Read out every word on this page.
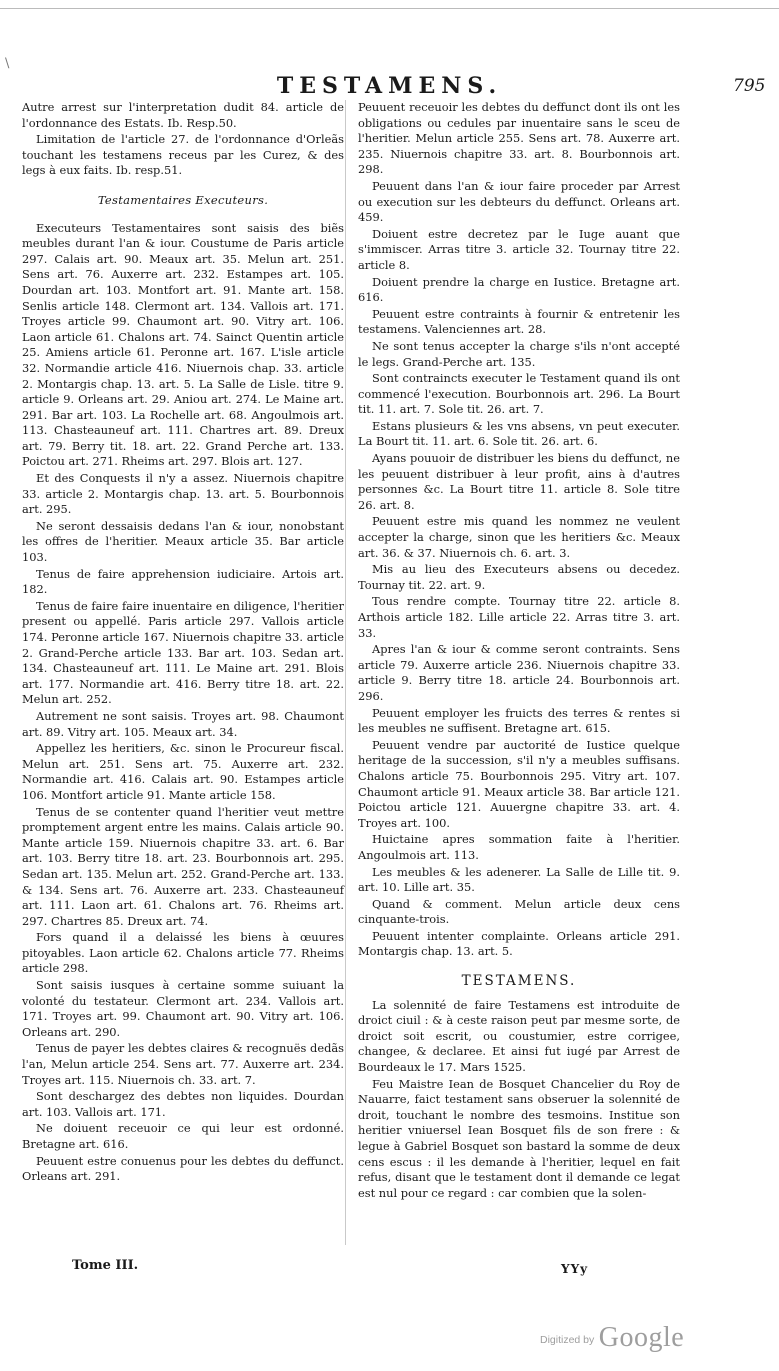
\
TESTAMENS.	795

Autre arrest sur l'interpretation dudit 84. article de l'ordonnance des Estats. Ib. Resp.50.

Limitation de l'article 27. de l'ordonnance d'Orleãs touchant les testamens receus par les Curez, & des legs à eux faits. Ib. resp.51.

Testamentaires Executeurs.

Executeurs Testamentaires sont saisis des biẽs meubles durant l'an & iour. Coustume de Paris article 297. Calais art. 90. Meaux art. 35. Melun art. 251. Sens art. 76. Auxerre art. 232. Estampes art. 105. Dourdan art. 103. Montfort art. 91. Mante art. 158. Senlis article 148. Clermont art. 134. Vallois art. 171. Troyes article 99. Chaumont art. 90. Vitry art. 106. Laon article 61. Chalons art. 74. Sainct Quentin article 25. Amiens article 61. Peronne art. 167. L'isle article 32. Normandie article 416. Niuernois chap. 33. article 2. Montargis chap. 13. art. 5. La Salle de Lisle. titre 9. article 9. Orleans art. 29. Aniou art. 274. Le Maine art. 291. Bar art. 103. La Rochelle art. 68. Angoulmois art. 113. Chasteauneuf art. 111. Chartres art. 89. Dreux art. 79. Berry tit. 18. art. 22. Grand Perche art. 133. Poictou art. 271. Rheims art. 297. Blois art. 127.

Et des Conquests il n'y a assez. Niuernois chapitre 33. article 2. Montargis chap. 13. art. 5. Bourbonnois art. 295.

Ne seront dessaisis dedans l'an & iour, nonobstant les offres de l'heritier. Meaux article 35. Bar article 103.

Tenus de faire apprehension iudiciaire. Artois art. 182.

Tenus de faire faire inuentaire en diligence, l'heritier present ou appellé. Paris article 297. Vallois article 174. Peronne article 167. Niuernois chapitre 33. article 2. Grand-Perche article 133. Bar art. 103. Sedan art. 134. Chasteauneuf art. 111. Le Maine art. 291. Blois art. 177. Normandie art. 416. Berry titre 18. art. 22. Melun art. 252.

Autrement ne sont saisis. Troyes art. 98. Chaumont art. 89. Vitry art. 105. Meaux art. 34.

Appellez les heritiers, &c. sinon le Procureur fiscal. Melun art. 251. Sens art. 75. Auxerre art. 232. Normandie art. 416. Calais art. 90. Estampes article 106. Montfort article 91. Mante article 158.

Tenus de se contenter quand l'heritier veut mettre promptement argent entre les mains. Calais article 90. Mante article 159. Niuernois chapitre 33. art. 6. Bar art. 103. Berry titre 18. art. 23. Bourbonnois art. 295. Sedan art. 135. Melun art. 252. Grand-Perche art. 133. & 134. Sens art. 76. Auxerre art. 233. Chasteauneuf art. 111. Laon art. 61. Chalons art. 76. Rheims art. 297. Chartres 85. Dreux art. 74.

Fors quand il a delaissé les biens à œuures pitoyables. Laon article 62. Chalons article 77. Rheims article 298.

Sont saisis iusques à certaine somme suiuant la volonté du testateur. Clermont art. 234. Vallois art. 171. Troyes art. 99. Chaumont art. 90. Vitry art. 106. Orleans art. 290.

Tenus de payer les debtes claires & recognuës dedãs l'an, Melun article 254. Sens art. 77. Auxerre art. 234. Troyes art. 115. Niuernois ch. 33. art. 7.

Sont deschargez des debtes non liquides. Dourdan art. 103. Vallois art. 171.

Ne doiuent receuoir ce qui leur est ordonné. Bretagne art. 616.

Peuuent estre conuenus pour les debtes du deffunct. Orleans art. 291.

Peuuent receuoir les debtes du deffunct dont ils ont les obligations ou cedules par inuentaire sans le sceu de l'heritier. Melun article 255. Sens art. 78. Auxerre art. 235. Niuernois chapitre 33. art. 8. Bourbonnois art. 298.

Peuuent dans l'an & iour faire proceder par Arrest ou execution sur les debteurs du deffunct. Orleans art. 459.

Doiuent estre decretez par le Iuge auant que s'immiscer. Arras titre 3. article 32. Tournay titre 22. article 8.

Doiuent prendre la charge en Iustice. Bretagne art. 616.

Peuuent estre contraints à fournir & entretenir les testamens. Valenciennes art. 28.

Ne sont tenus accepter la charge s'ils n'ont accepté le legs. Grand-Perche art. 135.

Sont contraincts executer le Testament quand ils ont commencé l'execution. Bourbonnois art. 296. La Bourt tit. 11. art. 7. Sole tit. 26. art. 7.

Estans plusieurs & les vns absens, vn peut executer. La Bourt tit. 11. art. 6. Sole tit. 26. art. 6.

Ayans pouuoir de distribuer les biens du deffunct, ne les peuuent distribuer à leur profit, ains à d'autres personnes &c. La Bourt titre 11. article 8. Sole titre 26. art. 8.

Peuuent estre mis quand les nommez ne veulent accepter la charge, sinon que les heritiers &c. Meaux art. 36. & 37. Niuernois ch. 6. art. 3.

Mis au lieu des Executeurs absens ou decedez. Tournay tit. 22. art. 9.

Tous rendre compte. Tournay titre 22. article 8. Arthois article 182. Lille article 22. Arras titre 3. art. 33.

Apres l'an & iour & comme seront contraints. Sens article 79. Auxerre article 236. Niuernois chapitre 33. article 9. Berry titre 18. article 24. Bourbonnois art. 296.

Peuuent employer les fruicts des terres & rentes si les meubles ne suffisent. Bretagne art. 615.

Peuuent vendre par auctorité de Iustice quelque heritage de la succession, s'il n'y a meubles suffisans. Chalons article 75. Bourbonnois 295. Vitry art. 107. Chaumont article 91. Meaux article 38. Bar article 121. Poictou article 121. Auuergne chapitre 33. art. 4. Troyes art. 100.

Huictaine apres sommation faite à l'heritier. Angoulmois art. 113.

Les meubles & les adenerer. La Salle de Lille tit. 9. art. 10. Lille art. 35.

Quand & comment. Melun article deux cens cinquante-trois.

Peuuent intenter complainte. Orleans article 291. Montargis chap. 13. art. 5.

TESTAMENS.

La solennité de faire Testamens est introduite de droict ciuil : & à ceste raison peut par mesme sorte, de droict soit escrit, ou coustumier, estre corrigee, changee, & declaree. Et ainsi fut iugé par Arrest de Bourdeaux le 17. Mars 1525.

Feu Maistre Iean de Bosquet Chancelier du Roy de Nauarre, faict testament sans obseruer la solennité de droit, touchant le nombre des tesmoins. Institue son heritier vniuersel Iean Bosquet fils de son frere : & legue à Gabriel Bosquet son bastard la somme de deux cens escus : il les demande à l'heritier, lequel en fait refus, disant que le testament dont il demande ce legat est nul pour ce regard : car combien que la solen-

Tome III.	YYy
Digitized by Google
